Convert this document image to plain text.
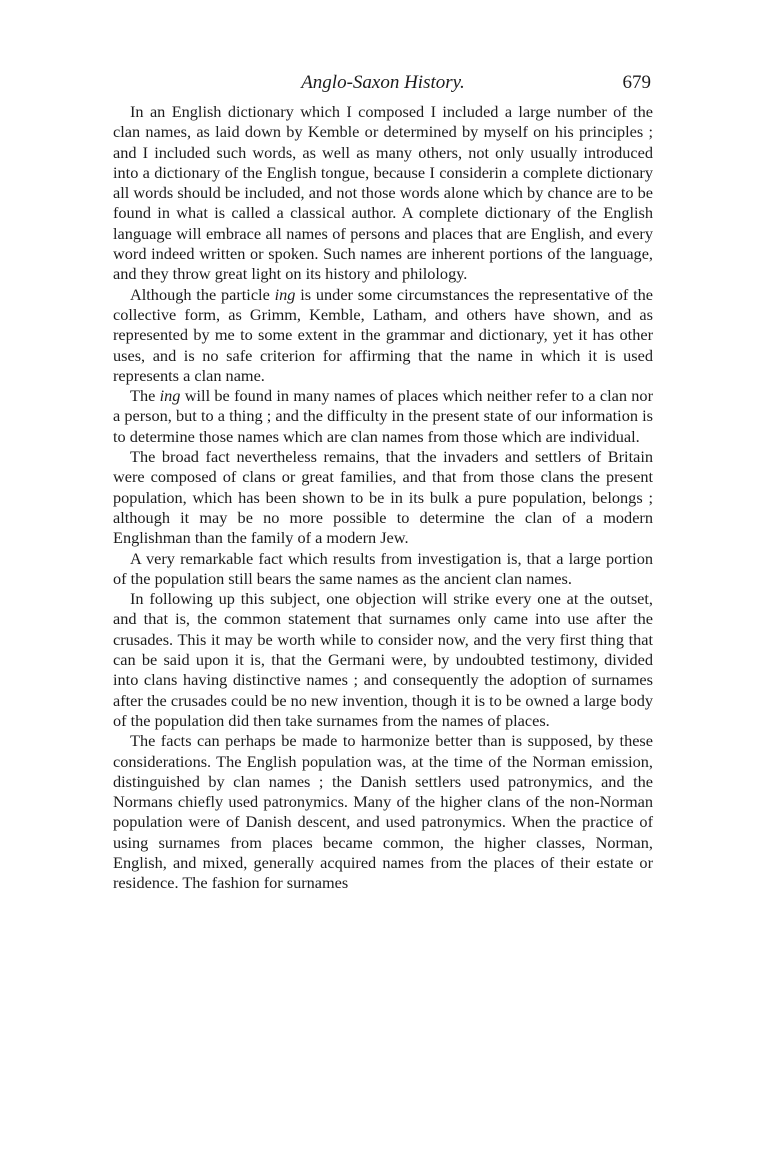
Anglo-Saxon History.	679

In an English dictionary which I composed I included a large number of the clan names, as laid down by Kemble or determined by myself on his principles ; and I included such words, as well as many others, not only usually introduced into a dictionary of the English tongue, because I considerin a complete dictionary all words should be included, and not those words alone which by chance are to be found in what is called a classical author. A complete dictionary of the English language will embrace all names of persons and places that are English, and every word indeed written or spoken. Such names are inherent portions of the language, and they throw great light on its history and philology.

Although the particle ing is under some circumstances the representative of the collective form, as Grimm, Kemble, Latham, and others have shown, and as represented by me to some extent in the grammar and dictionary, yet it has other uses, and is no safe criterion for affirming that the name in which it is used represents a clan name.

The ing will be found in many names of places which neither refer to a clan nor a person, but to a thing ; and the difficulty in the present state of our information is to determine those names which are clan names from those which are individual.

The broad fact nevertheless remains, that the invaders and settlers of Britain were composed of clans or great families, and that from those clans the present population, which has been shown to be in its bulk a pure population, belongs ; although it may be no more possible to determine the clan of a modern Englishman than the family of a modern Jew.

A very remarkable fact which results from investigation is, that a large portion of the population still bears the same names as the ancient clan names.

In following up this subject, one objection will strike every one at the outset, and that is, the common statement that surnames only came into use after the crusades. This it may be worth while to consider now, and the very first thing that can be said upon it is, that the Germani were, by undoubted testimony, divided into clans having distinctive names ; and consequently the adoption of surnames after the crusades could be no new invention, though it is to be owned a large body of the population did then take surnames from the names of places.

The facts can perhaps be made to harmonize better than is supposed, by these considerations. The English population was, at the time of the Norman emission, distinguished by clan names ; the Danish settlers used patronymics, and the Normans chiefly used patronymics. Many of the higher clans of the non-Norman population were of Danish descent, and used patronymics. When the practice of using surnames from places became common, the higher classes, Norman, English, and mixed, generally acquired names from the places of their estate or residence. The fashion for surnames
